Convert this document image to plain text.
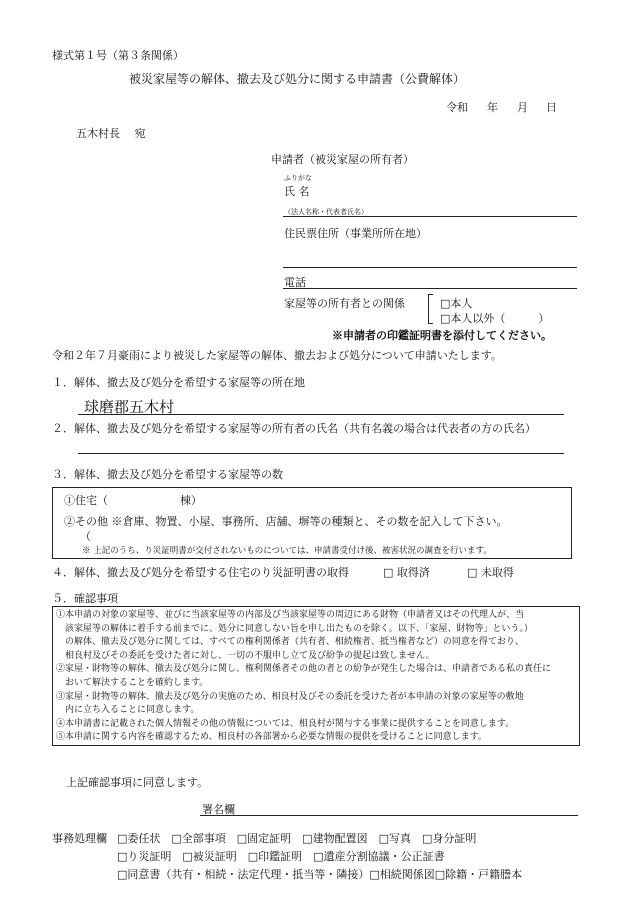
様式第１号（第３条関係）
被災家屋等の解体、撤去及び処分に関する申請書（公費解体）
令和 年 月 日
五木村長　 宛
申請者（被災家屋の所有者）
ふりがな
氏 名
（法人名称・代表者氏名）
住民票住所（事業所所在地）
電話
家屋等の所有者との関係	□本人
□本人以外（　　　）
※申請者の印鑑証明書を添付してください。
令和２年７月豪雨により被災した家屋等の解体、撤去および処分について申請いたします。
１．解体、撤去及び処分を希望する家屋等の所在地
球磨郡五木村
２．解体、撤去及び処分を希望する家屋等の所有者の氏名（共有名義の場合は代表者の方の氏名）
３．解体、撤去及び処分を希望する家屋等の数
①住宅（	棟）
②その他 ※倉庫、物置、小屋、事務所、店舗、塀等の種類と、その数を記入して下さい。
（
※ 上記のうち、り災証明書が交付されないものについては、申請書受付け後、被害状況の調査を行います。
４．解体、撤去及び処分を希望する住宅のり災証明書の取得	□ 取得済	□ 未取得
５．確認事項
①本申請の対象の家屋等、並びに当該家屋等の内部及び当該家屋等の周辺にある財物（申請者又はその代理人が、当
　該家屋等の解体に着手する前までに、処分に同意しない旨を申し出たものを除く。以下、「家屋、財物等」という。）
　の解体、撤去及び処分に関しては、すべての権利関係者（共有者、相続権者、抵当権者など）の同意を得ており、
　相良村及びその委託を受けた者に対し、一切の不服申し立て及び紛争の提起は致しません。
②家屋・財物等の解体、撤去及び処分に関し、権利関係者その他の者との紛争が発生した場合は、申請者である私の責任に
　おいて解決することを確約します。
③家屋・財物等の解体、撤去及び処分の実施のため、相良村及びその委託を受けた者が本申請の対象の家屋等の敷地
　内に立ち入ることに同意します。
④本申請書に記載された個人情報その他の情報については、相良村が関与する事業に提供することを同意します。
⑤本申請に関する内容を確認するため、相良村の各部署から必要な情報の提供を受けることに同意します。
上記確認事項に同意します。
署名欄
事務処理欄 □委任状　□全部事項　□固定証明　□建物配置図　□写真　□身分証明
□り災証明　□被災証明　□印鑑証明　□遺産分割協議・公正証書
□同意書（共有・相続・法定代理・抵当等・隣接）□相続関係図□除籍・戸籍謄本
